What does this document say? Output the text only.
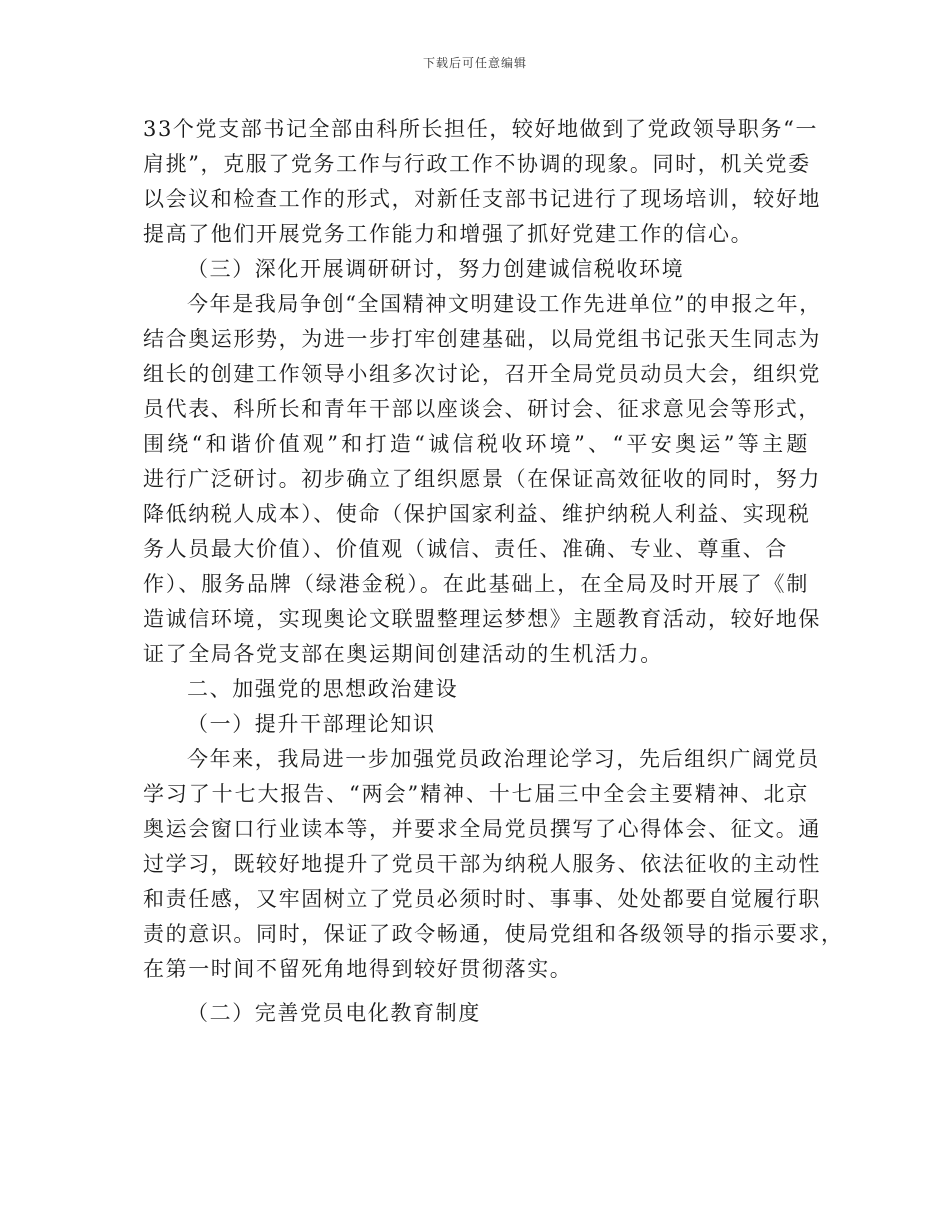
下载后可任意编辑
33个党支部书记全部由科所长担任，较好地做到了党政领导职务“一
肩挑”，克服了党务工作与行政工作不协调的现象。同时，机关党委
以会议和检查工作的形式，对新任支部书记进行了现场培训，较好地
提高了他们开展党务工作能力和增强了抓好党建工作的信心。
（三）深化开展调研研讨，努力创建诚信税收环境
今年是我局争创“全国精神文明建设工作先进单位”的申报之年，
结合奥运形势，为进一步打牢创建基础，以局党组书记张天生同志为
组长的创建工作领导小组多次讨论，召开全局党员动员大会，组织党
员代表、科所长和青年干部以座谈会、研讨会、征求意见会等形式，
围绕“和谐价值观”和打造“诚信税收环境”、“平安奥运”等主题
进行广泛研讨。初步确立了组织愿景（在保证高效征收的同时，努力
降低纳税人成本）、使命（保护国家利益、维护纳税人利益、实现税
务人员最大价值）、价值观（诚信、责任、准确、专业、尊重、合
作）、服务品牌（绿港金税）。在此基础上，在全局及时开展了《制
造诚信环境，实现奥论文联盟整理运梦想》主题教育活动，较好地保
证了全局各党支部在奥运期间创建活动的生机活力。
二、加强党的思想政治建设
（一）提升干部理论知识
今年来，我局进一步加强党员政治理论学习，先后组织广阔党员
学习了十七大报告、“两会”精神、十七届三中全会主要精神、北京
奥运会窗口行业读本等，并要求全局党员撰写了心得体会、征文。通
过学习，既较好地提升了党员干部为纳税人服务、依法征收的主动性
和责任感，又牢固树立了党员必须时时、事事、处处都要自觉履行职
责的意识。同时，保证了政令畅通，使局党组和各级领导的指示要求，
在第一时间不留死角地得到较好贯彻落实。
（二）完善党员电化教育制度
